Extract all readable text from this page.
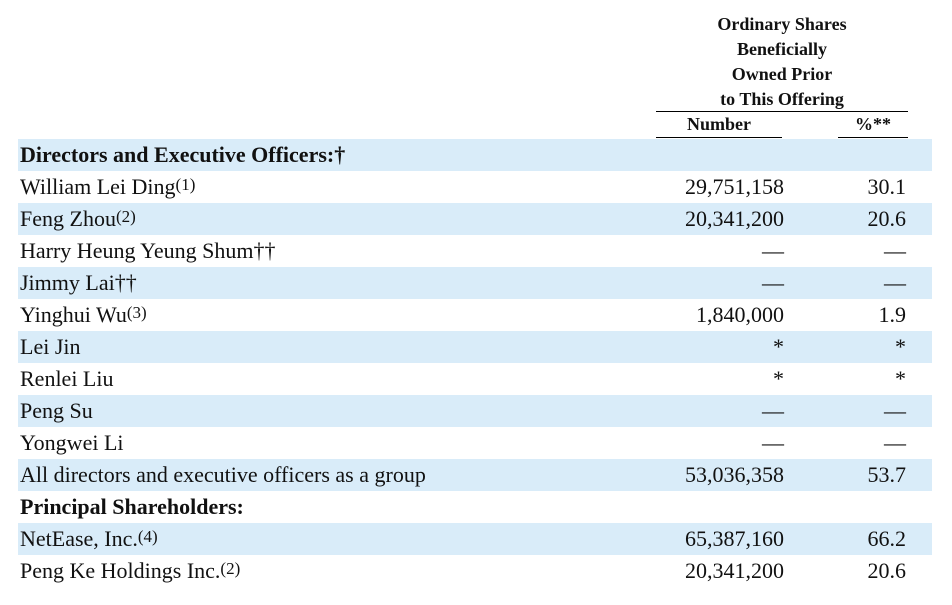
Ordinary Shares
Beneficially
Owned Prior
to This Offering
Number	%**
Directors and Executive Officers:†
William Lei Ding$^{(1)}$	29,751,158	30.1
Feng Zhou$^{(2)}$	20,341,200	20.6
Harry Heung Yeung Shum††	—	—
Jimmy Lai††	—	—
Yinghui Wu$^{(3)}$	1,840,000	1.9
Lei Jin	*	*
Renlei Liu	*	*
Peng Su	—	—
Yongwei Li	—	—
All directors and executive officers as a group	53,036,358	53.7
Principal Shareholders:
NetEase, Inc.$^{(4)}$	65,387,160	66.2
Peng Ke Holdings Inc.$^{(2)}$	20,341,200	20.6
